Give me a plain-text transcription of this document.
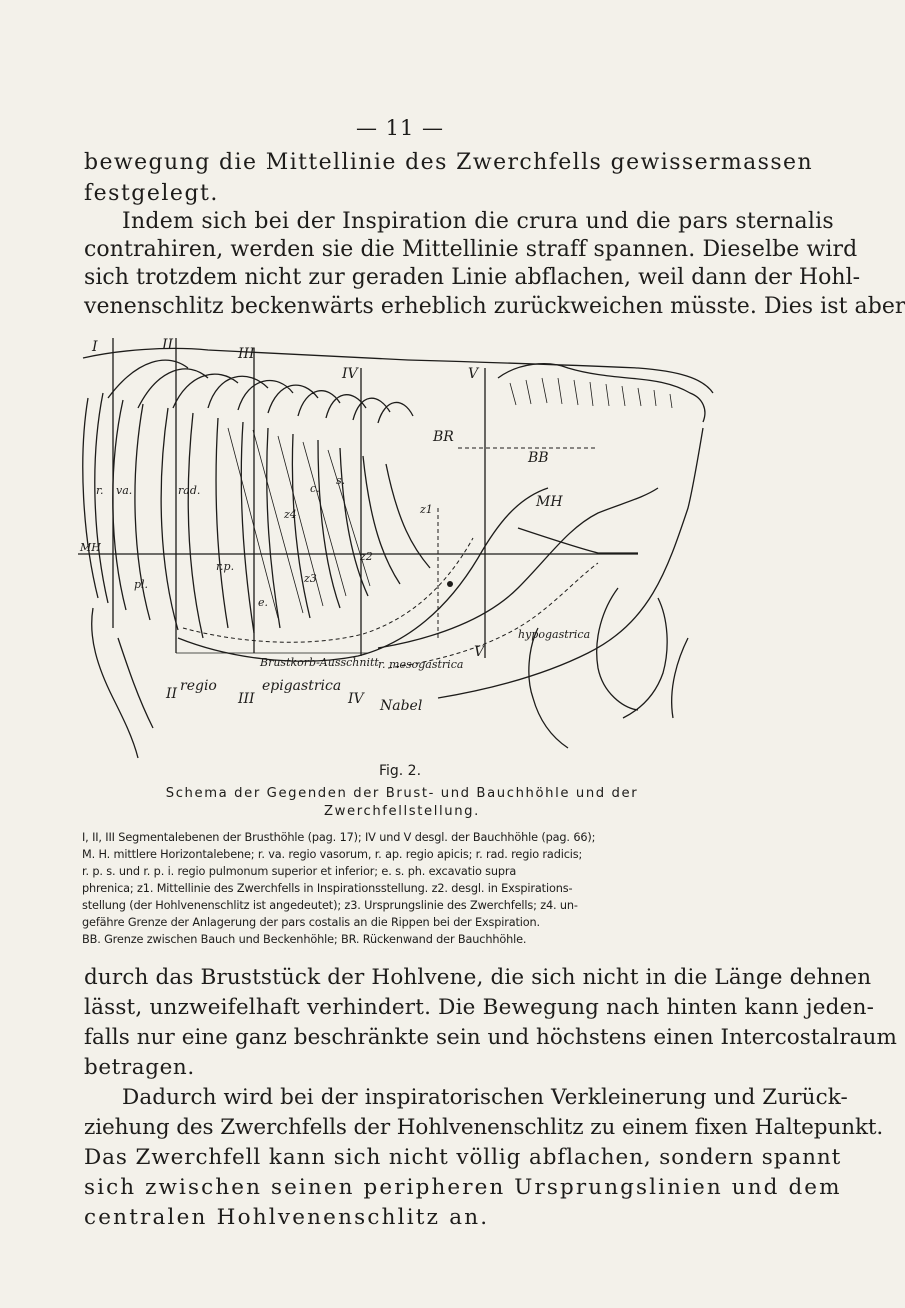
— 11 —
bewegung die Mittellinie des Zwerchfells gewissermassen
festgelegt.
Indem sich bei der Inspiration die crura und die pars sternalis
contrahiren, werden sie die Mittellinie straff spannen. Dieselbe wird
sich trotzdem nicht zur geraden Linie abflachen, weil dann der Hohl-
venenschlitz beckenwärts erheblich zurückweichen müsste. Dies ist aber
I	II
III
IV	V
II	III	IV
V
BR
BB
MH
MH
r. va.	rad.
r.p.
pl.
c.
e.
s.
z1
z2
z3
z4
regio	epigastrica
Brustkorb-Ausschnitt r. mesogastrica
Nabel
hypogastrica
Fig. 2.
Schema der Gegenden der Brust- und Bauchhöhle und der
Zwerchfellstellung.
I, II, III Segmentalebenen der Brusthöhle (pag. 17); IV und V desgl. der Bauchhöhle (pag. 66);
M. H. mittlere Horizontalebene; r. va. regio vasorum, r. ap. regio apicis; r. rad. regio radicis;
r. p. s. und r. p. i. regio pulmonum superior et inferior; e. s. ph. excavatio supra
phrenica; z1. Mittellinie des Zwerchfells in Inspirationsstellung. z2. desgl. in Exspirations-
stellung (der Hohlvenenschlitz ist angedeutet); z3. Ursprungslinie des Zwerchfells; z4. un-
gefähre Grenze der Anlagerung der pars costalis an die Rippen bei der Exspiration.
BB. Grenze zwischen Bauch und Beckenhöhle; BR. Rückenwand der Bauchhöhle.
durch das Bruststück der Hohlvene, die sich nicht in die Länge dehnen
lässt, unzweifelhaft verhindert. Die Bewegung nach hinten kann jeden-
falls nur eine ganz beschränkte sein und höchstens einen Intercostalraum
betragen.
Dadurch wird bei der inspiratorischen Verkleinerung und Zurück-
ziehung des Zwerchfells der Hohlvenenschlitz zu einem fixen Haltepunkt.
Das Zwerchfell kann sich nicht völlig abflachen, sondern spannt
sich zwischen seinen peripheren Ursprungslinien und dem
centralen Hohlvenenschlitz an.
